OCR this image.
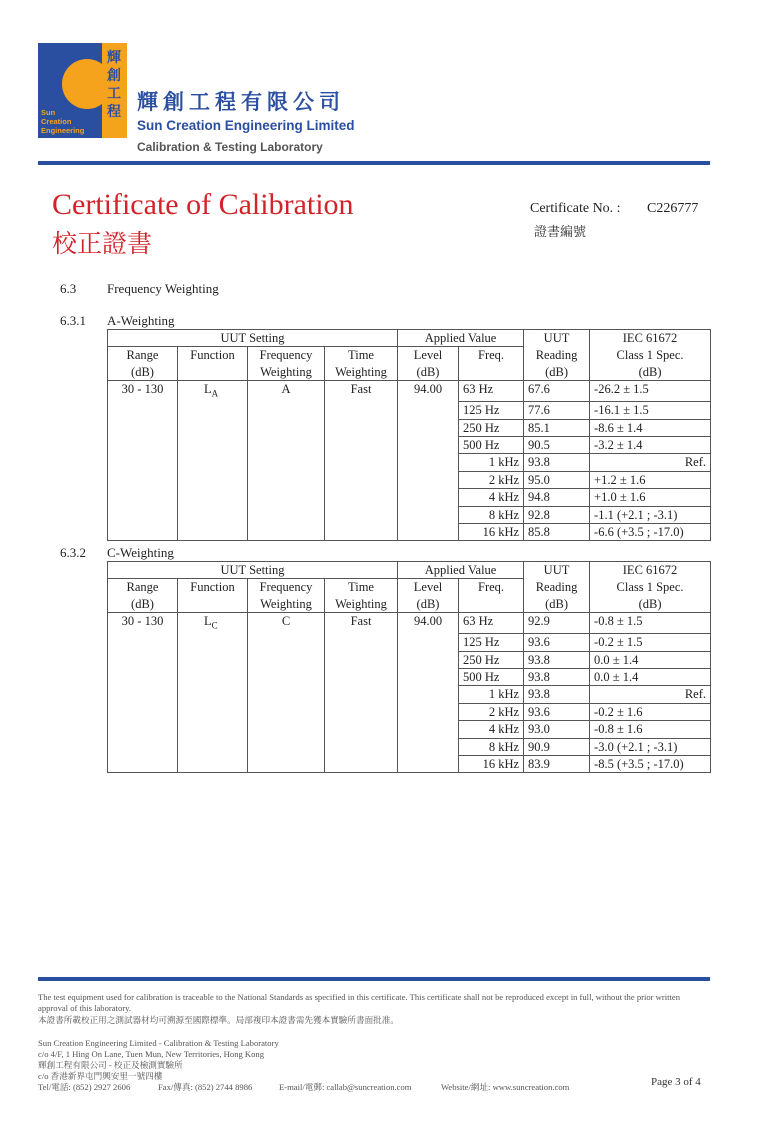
輝創工程
Sun
Creation
Engineering
輝創工程有限公司
Sun Creation Engineering Limited
Calibration & Testing Laboratory
Certificate of Calibration
校正證書
Certificate No. : C226777
證書編號
6.3 Frequency Weighting
6.3.1 A-Weighting
UUT Setting				Applied Value		UUT	IEC 61672
Range	Function	Frequency	Time	Level	Freq.	Reading	Class 1 Spec.
(dB)		Weighting	Weighting	(dB)		(dB)	(dB)
30 - 130	$L_A$	A	Fast	94.00	63 Hz	67.6	-26.2 ± 1.5
					125 Hz	77.6	-16.1 ± 1.5
					250 Hz	85.1	-8.6 ± 1.4
					500 Hz	90.5	-3.2 ± 1.4
					1 kHz	93.8	Ref.
					2 kHz	95.0	+1.2 ± 1.6
					4 kHz	94.8	+1.0 ± 1.6
					8 kHz	92.8	-1.1 (+2.1 ; -3.1)
					16 kHz	85.8	-6.6 (+3.5 ; -17.0)
6.3.2 C-Weighting
UUT Setting				Applied Value		UUT	IEC 61672
Range	Function	Frequency	Time	Level	Freq.	Reading	Class 1 Spec.
(dB)		Weighting	Weighting	(dB)		(dB)	(dB)
30 - 130	$L_C$	C	Fast	94.00	63 Hz	92.9	-0.8 ± 1.5
					125 Hz	93.6	-0.2 ± 1.5
					250 Hz	93.8	0.0 ± 1.4
					500 Hz	93.8	0.0 ± 1.4
					1 kHz	93.8	Ref.
					2 kHz	93.6	-0.2 ± 1.6
					4 kHz	93.0	-0.8 ± 1.6
					8 kHz	90.9	-3.0 (+2.1 ; -3.1)
					16 kHz	83.9	-8.5 (+3.5 ; -17.0)
The test equipment used for calibration is traceable to the National Standards as specified in this certificate. This certificate shall not be reproduced except in full, without the prior written approval of this laboratory.
本證書所載校正用之測試器材均可溯源至國際標準。局部複印本證書需先獲本實驗所書面批准。
Sun Creation Engineering Limited - Calibration & Testing Laboratory
c/o 4/F, 1 Hing On Lane, Tuen Mun, New Territories, Hong Kong
輝創工程有限公司 - 校正及檢測實驗所
c/o 香港新界屯門興安里一號四樓
Tel/電話: (852) 2927 2606	Fax/傳真: (852) 2744 8986	E-mail/電郵: callab@suncreation.com	Website/網址: www.suncreation.com	Page 3 of 4
